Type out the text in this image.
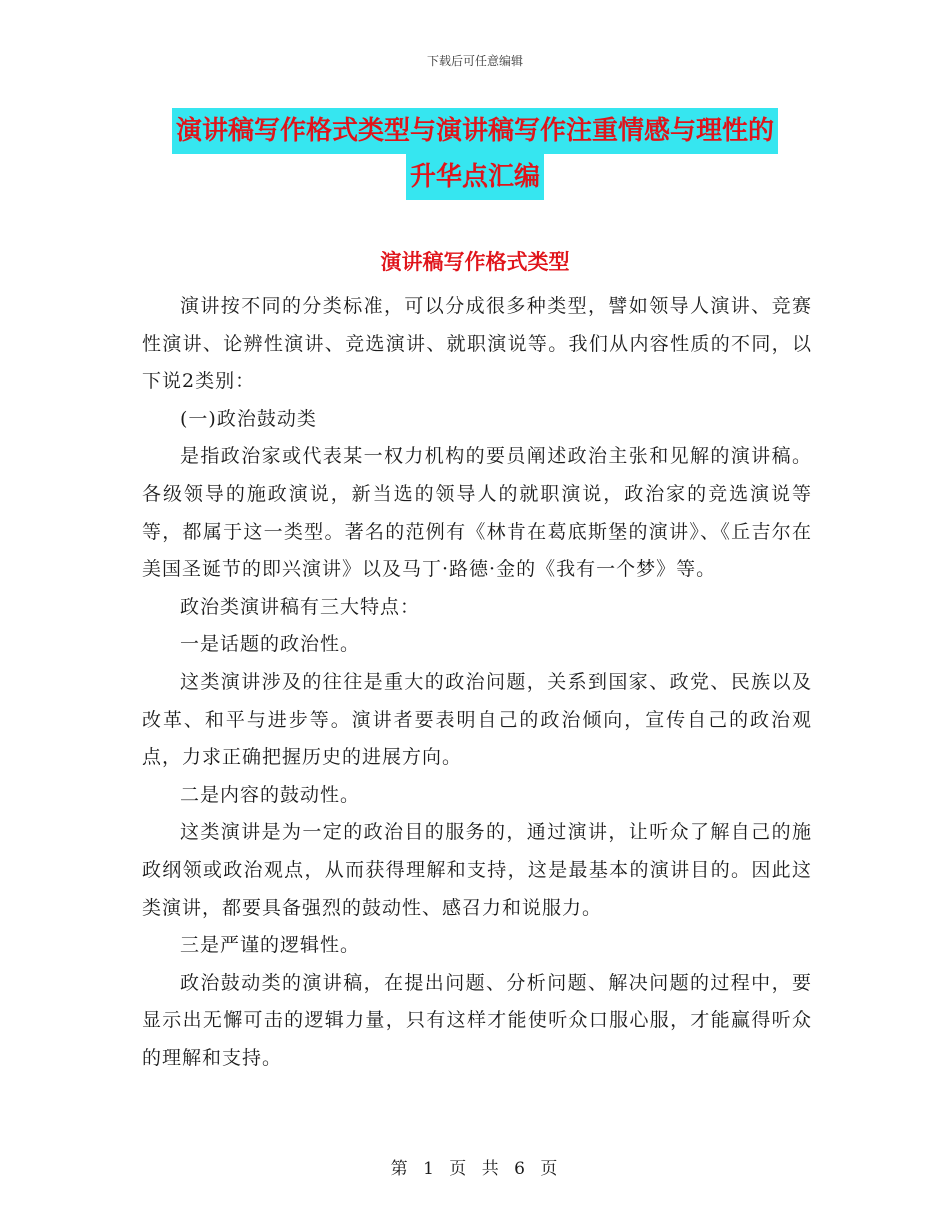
下载后可任意编辑
演讲稿写作格式类型与演讲稿写作注重情感与理性的
升华点汇编
演讲稿写作格式类型

演讲按不同的分类标准，可以分成很多种类型，譬如领导人演讲、竞赛性演讲、论辨性演讲、竞选演讲、就职演说等。我们从内容性质的不同，以下说2类别：

(一)政治鼓动类

是指政治家或代表某一权力机构的要员阐述政治主张和见解的演讲稿。各级领导的施政演说，新当选的领导人的就职演说，政治家的竞选演说等等，都属于这一类型。著名的范例有《林肯在葛底斯堡的演讲》、《丘吉尔在美国圣诞节的即兴演讲》以及马丁·路德·金的《我有一个梦》等。

政治类演讲稿有三大特点：

一是话题的政治性。

这类演讲涉及的往往是重大的政治问题，关系到国家、政党、民族以及改革、和平与进步等。演讲者要表明自己的政治倾向，宣传自己的政治观点，力求正确把握历史的进展方向。

二是内容的鼓动性。

这类演讲是为一定的政治目的服务的，通过演讲，让听众了解自己的施政纲领或政治观点，从而获得理解和支持，这是最基本的演讲目的。因此这类演讲，都要具备强烈的鼓动性、感召力和说服力。

三是严谨的逻辑性。

政治鼓动类的演讲稿，在提出问题、分析问题、解决问题的过程中，要显示出无懈可击的逻辑力量，只有这样才能使听众口服心服，才能赢得听众的理解和支持。

第 1 页 共 6 页
